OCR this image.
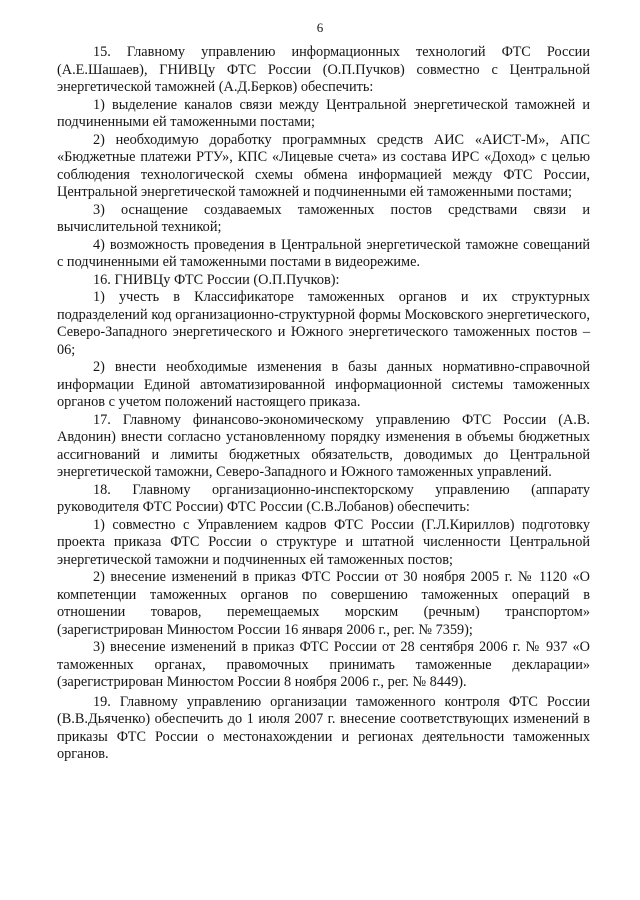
6

15. Главному управлению информационных технологий ФТС России (А.Е.Шашаев), ГНИВЦу ФТС России (О.П.Пучков) совместно с Центральной энергетической таможней (А.Д.Берков) обеспечить:

1) выделение каналов связи между Центральной энергетической таможней и подчиненными ей таможенными постами;

2) необходимую доработку программных средств АИС «АИСТ-М», АПС «Бюджетные платежи РТУ», КПС «Лицевые счета» из состава ИРС «Доход» с целью соблюдения технологической схемы обмена информацией между ФТС России, Центральной энергетической таможней и подчиненными ей таможенными постами;

3) оснащение создаваемых таможенных постов средствами связи и вычислительной техникой;

4) возможность проведения в Центральной энергетической таможне совещаний с подчиненными ей таможенными постами в видеорежиме.

16. ГНИВЦу ФТС России (О.П.Пучков):

1) учесть в Классификаторе таможенных органов и их структурных подразделений код организационно-структурной формы Московского энергетического, Северо-Западного энергетического и Южного энергетического таможенных постов – 06;

2) внести необходимые изменения в базы данных нормативно-справочной информации Единой автоматизированной информационной системы таможенных органов с учетом положений настоящего приказа.

17. Главному финансово-экономическому управлению ФТС России (А.В. Авдонин) внести согласно установленному порядку изменения в объемы бюджетных ассигнований и лимиты бюджетных обязательств, доводимых до Центральной энергетической таможни, Северо-Западного и Южного таможенных управлений.

18. Главному организационно-инспекторскому управлению (аппарату руководителя ФТС России) ФТС России (С.В.Лобанов) обеспечить:

1) совместно с Управлением кадров ФТС России (Г.Л.Кириллов) подготовку проекта приказа ФТС России о структуре и штатной численности Центральной энергетической таможни и подчиненных ей таможенных постов;

2) внесение изменений в приказ ФТС России от 30 ноября 2005 г. № 1120 «О компетенции таможенных органов по совершению таможенных операций в отношении товаров, перемещаемых морским (речным) транспортом» (зарегистрирован Минюстом России 16 января 2006 г., рег. № 7359);

3) внесение изменений в приказ ФТС России от 28 сентября 2006 г. № 937 «О таможенных органах, правомочных принимать таможенные декларации» (зарегистрирован Минюстом России 8 ноября 2006 г., рег. № 8449).

19. Главному управлению организации таможенного контроля ФТС России (В.В.Дьяченко) обеспечить до 1 июля 2007 г. внесение соответствующих изменений в приказы ФТС России о местонахождении и регионах деятельности таможенных органов.
